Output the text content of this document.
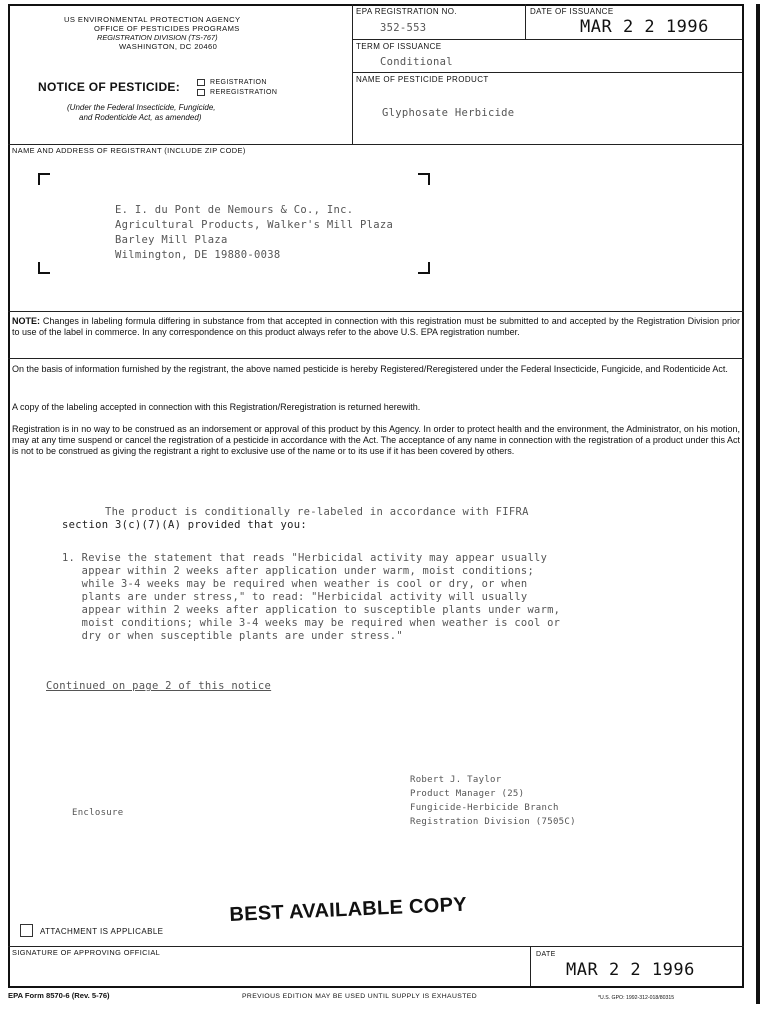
US ENVIRONMENTAL PROTECTION AGENCY
OFFICE OF PESTICIDES PROGRAMS
REGISTRATION DIVISION (TS-767)
WASHINGTON, DC 20460
NOTICE OF PESTICIDE:	REGISTRATION
REREGISTRATION
(Under the Federal Insecticide, Fungicide,
and Rodenticide Act, as amended)
EPA REGISTRATION NO.
352-553
DATE OF ISSUANCE
MAR 2 2 1996
TERM OF ISSUANCE
Conditional
NAME OF PESTICIDE PRODUCT
Glyphosate Herbicide
NAME AND ADDRESS OF REGISTRANT (INCLUDE ZIP CODE)
E. I. du Pont de Nemours & Co., Inc.
Agricultural Products, Walker's Mill Plaza
Barley Mill Plaza
Wilmington, DE 19880-0038
NOTE: Changes in labeling formula differing in substance from that accepted in connection with this registration must be submitted to and accepted by the Registration Division prior to use of the label in commerce. In any correspondence on this product always refer to the above U.S. EPA registration number.
On the basis of information furnished by the registrant, the above named pesticide is hereby Registered/Reregistered under the Federal Insecticide, Fungicide, and Rodenticide Act.
A copy of the labeling accepted in connection with this Registration/Reregistration is returned herewith.
Registration is in no way to be construed as an indorsement or approval of this product by this Agency. In order to protect health and the environment, the Administrator, on his motion, may at any time suspend or cancel the registration of a pesticide in accordance with the Act. The acceptance of any name in connection with the registration of a product under this Act is not to be construed as giving the registrant a right to exclusive use of the name or to its use if it has been covered by others.
The product is conditionally re-labeled in accordance with FIFRA
section 3(c)(7)(A) provided that you:
1. Revise the statement that reads "Herbicidal activity may appear usually
appear within 2 weeks after application under warm, moist conditions;
while 3-4 weeks may be required when weather is cool or dry, or when
plants are under stress," to read: "Herbicidal activity will usually
appear within 2 weeks after application to susceptible plants under warm,
moist conditions; while 3-4 weeks may be required when weather is cool or
dry or when susceptible plants are under stress."
Continued on page 2 of this notice
Enclosure
Robert J. Taylor
Product Manager (25)
Fungicide-Herbicide Branch
Registration Division (7505C)
ATTACHMENT IS APPLICABLE
BEST AVAILABLE COPY
SIGNATURE OF APPROVING OFFICIAL	DATE
MAR 2 2 1996
EPA Form 8570-6 (Rev. 5-76)	PREVIOUS EDITION MAY BE USED UNTIL SUPPLY IS EXHAUSTED	*U.S. GPO: 1992-312-018/80315
